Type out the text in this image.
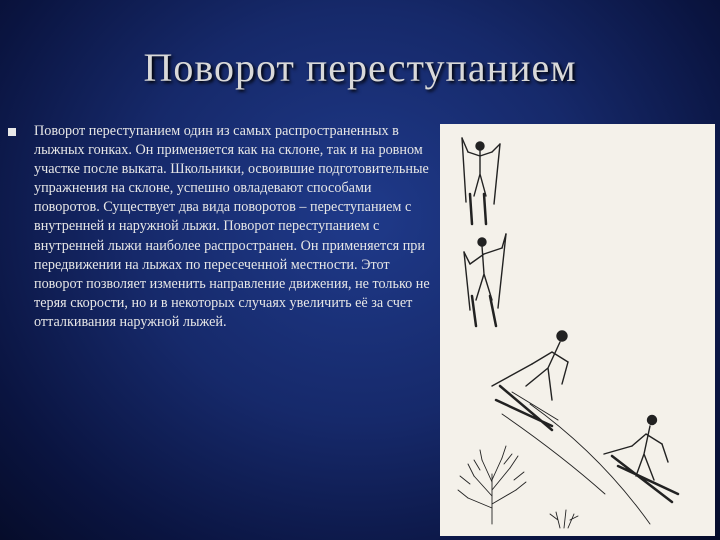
Поворот переступанием

Поворот переступанием один из самых распространенных в лыжных гонках. Он применяется как на склоне, так и на ровном участке после выката. Школьники, освоившие подготовительные упражнения на склоне, успешно овладевают способами поворотов. Существует два вида поворотов – переступанием с внутренней и наружной лыжи. Поворот переступанием с внутренней лыжи наиболее распространен. Он применяется при передвижении на лыжах по пересеченной местности. Этот поворот позволяет изменить направление движения, не только не теряя скорости, но и в некоторых случаях увеличить её за счет отталкивания наружной лыжей.
